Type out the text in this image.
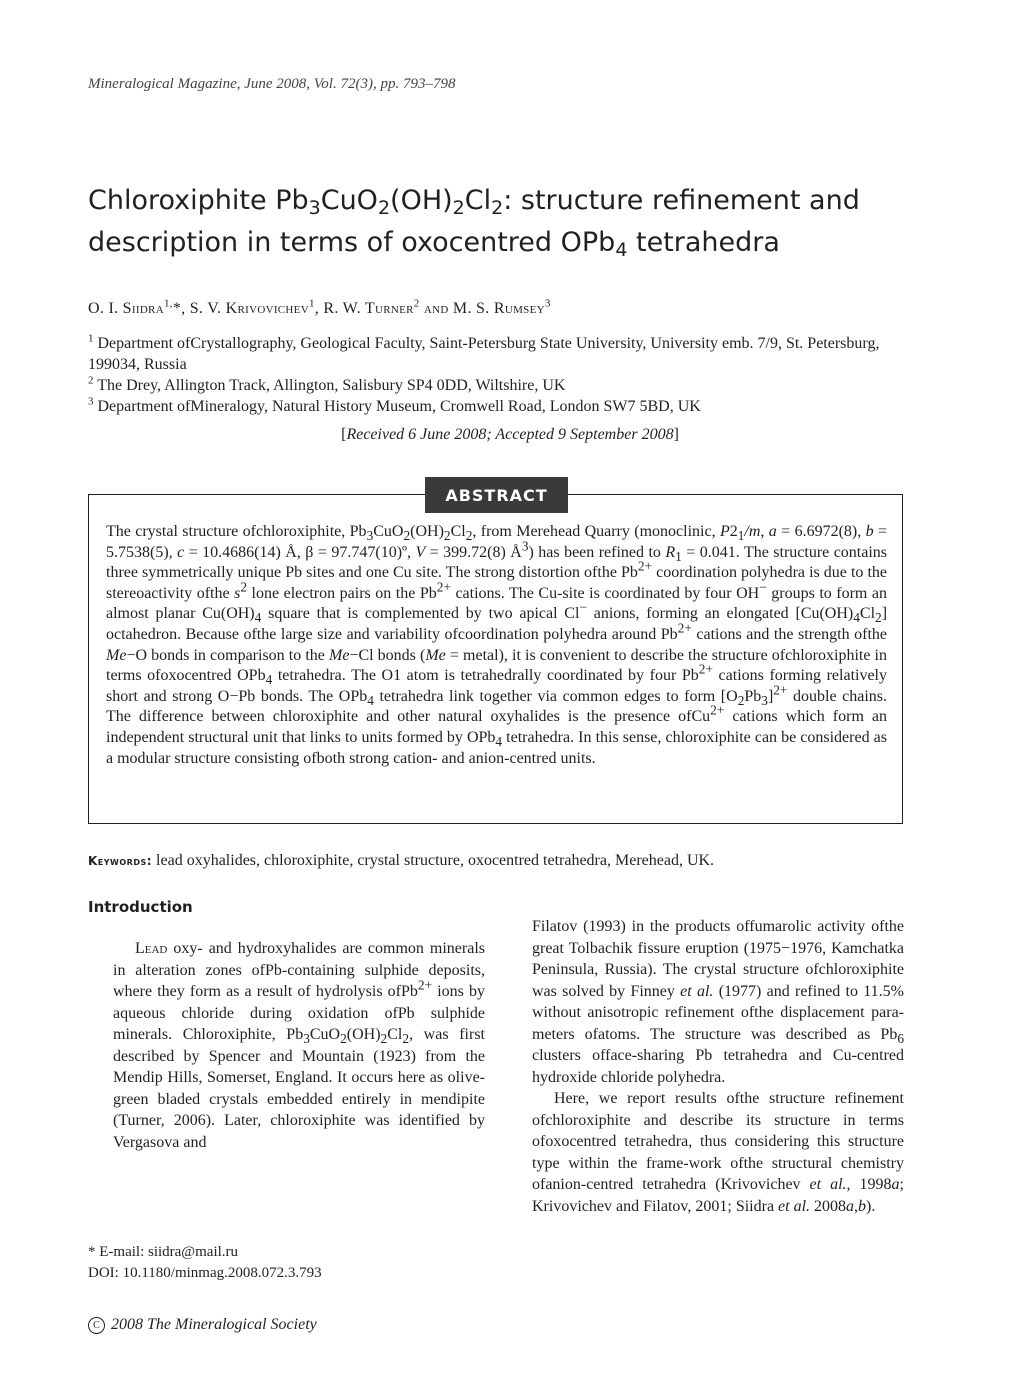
Mineralogical Magazine, June 2008, Vol. 72(3), pp. 793–798
Chloroxiphite $Pb_3CuO_2(OH)_2Cl_2$: structure refinement and description in terms of oxocentred OPb$_4$ tetrahedra
O. I. Siidra$^{1,}$*, S. V. Krivovichev$^1$, R. W. Turner$^2$ and M. S. Rumsey$^3$

$^1$ Department ofCrystallography, Geological Faculty, Saint-Petersburg State University, University emb. 7/9, St. Petersburg, 199034, Russia

$^2$ The Drey, Allington Track, Allington, Salisbury SP4 0DD, Wiltshire, UK

$^3$ Department ofMineralogy, Natural History Museum, Cromwell Road, London SW7 5BD, UK

[Received 6 June 2008; Accepted 9 September 2008]
ABSTRACT

The crystal structure ofchloroxiphite, $Pb_3CuO_2(OH)_2Cl_2$, from Merehead Quarry (monoclinic, $P2_1/m$, a = 6.6972(8), b = 5.7538(5), c = 10.4686(14) Å, β = 97.747(10)º, V = 399.72(8) $Å^3$) has been refined to $R_1 = 0.041$. The structure contains three symmetrically unique Pb sites and one Cu site. The strong distortion ofthe $Pb^{2+}$ coordination polyhedra is due to the stereoactivity ofthe $s^2$ lone electron pairs on the $Pb^{2+}$ cations. The Cu-site is coordinated by four OH− groups to form an almost planar $Cu(OH)_4$ square that is complemented by two apical Cl− anions, forming an elongated $[Cu(OH)_4Cl_2]$ octahedron. Because ofthe large size and variability ofcoordination polyhedra around $Pb^{2+}$ cations and the strength ofthe Me−O bonds in comparison to the Me−Cl bonds (Me = metal), it is convenient to describe the structure ofchloroxiphite in terms ofoxocentred OPb$_4$ tetrahedra. The O1 atom is tetrahedrally coordinated by four $Pb^{2+}$ cations forming relatively short and strong O−Pb bonds. The OPb$_4$ tetrahedra link together via common edges to form $[O_2Pb_3]^{2+}$ double chains. The difference between chloroxiphite and other natural oxyhalides is the presence ofCu$^{2+}$ cations which form an independent structural unit that links to units formed by OPb$_4$ tetrahedra. In this sense, chloroxiphite can be considered as a modular structure consisting ofboth strong cation- and anion-centred units.

Keywords: lead oxyhalides, chloroxiphite, crystal structure, oxocentred tetrahedra, Merehead, UK.
Introduction

Lead oxy- and hydroxyhalides are common minerals in alteration zones ofPb-containing sulphide deposits, where they form as a result of hydrolysis ofPb$^{2+}$ ions by aqueous chloride during oxidation ofPb sulphide minerals. Chloroxiphite, $Pb_3CuO_2(OH)_2Cl_2$, was first described by Spencer and Mountain (1923) from the Mendip Hills, Somerset, England. It occurs here as olive-green bladed crystals embedded entirely in mendipite (Turner, 2006). Later, chloroxiphite was identified by Vergasova and

Filatov (1993) in the products offumarolic activity ofthe great Tolbachik fissure eruption (1975−1976, Kamchatka Peninsula, Russia). The crystal structure ofchloroxiphite was solved by Finney et al. (1977) and refined to 11.5% without anisotropic refinement ofthe displacement para-meters ofatoms. The structure was described as $Pb_6$ clusters offace-sharing Pb tetrahedra and Cu-centred hydroxide chloride polyhedra.

Here, we report results ofthe structure refinement ofchloroxiphite and describe its structure in terms ofoxocentred tetrahedra, thus considering this structure type within the frame-work ofthe structural chemistry ofanion-centred tetrahedra (Krivovichev et al., 1998a; Krivovichev and Filatov, 2001; Siidra et al. 2008a,b).

* E-mail: siidra@mail.ru

DOI: 10.1180/minmag.2008.072.3.793

C 2008 The Mineralogical Society
